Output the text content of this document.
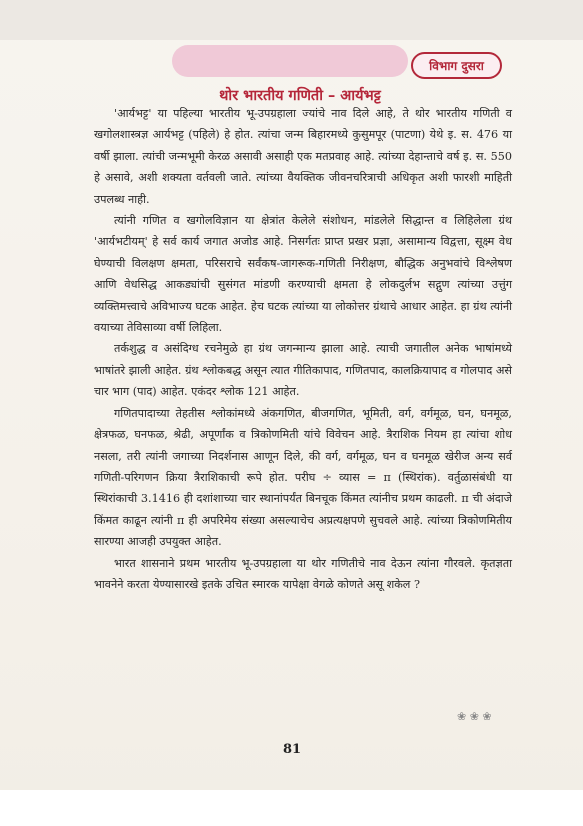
विभाग दुसरा
थोर भारतीय गणिती – आर्यभट्ट

'आर्यभट्ट' या पहिल्या भारतीय भू-उपग्रहाला ज्यांचे नाव दिले आहे, ते थोर भारतीय गणिती व खगोलशास्त्रज्ञ आर्यभट्ट (पहिले) हे होत. त्यांचा जन्म बिहारमध्ये कुसुमपूर (पाटणा) येथे इ. स. 476 या वर्षी झाला. त्यांची जन्मभूमी केरळ असावी असाही एक मतप्रवाह आहे. त्यांच्या देहान्ताचे वर्ष इ. स. 550 हे असावे, अशी शक्यता वर्तवली जाते. त्यांच्या वैयक्तिक जीवनचरित्राची अधिकृत अशी फारशी माहिती उपलब्ध नाही.

त्यांनी गणित व खगोलविज्ञान या क्षेत्रांत केलेले संशोधन, मांडलेले सिद्धान्त व लिहिलेला ग्रंथ 'आर्यभटीयम्' हे सर्व कार्य जगात अजोड आहे. निसर्गतः प्राप्त प्रखर प्रज्ञा, असामान्य विद्वत्ता, सूक्ष्म वेध घेण्याची विलक्षण क्षमता, परिसराचे सर्वंकष-जागरूक-गणिती निरीक्षण, बौद्धिक अनुभवांचे विश्लेषण आणि वेधसिद्ध आकड्यांची सुसंगत मांडणी करण्याची क्षमता हे लोकदुर्लभ सद्गुण त्यांच्या उत्तुंग व्यक्तिमत्त्वाचे अविभाज्य घटक आहेत. हेच घटक त्यांच्या या लोकोत्तर ग्रंथाचे आधार आहेत. हा ग्रंथ त्यांनी वयाच्या तेविसाव्या वर्षी लिहिला.

तर्कशुद्ध व असंदिग्ध रचनेमुळे हा ग्रंथ जगन्मान्य झाला आहे. त्याची जगातील अनेक भाषांमध्ये भाषांतरे झाली आहेत. ग्रंथ श्लोकबद्ध असून त्यात गीतिकापाद, गणितपाद, कालक्रियापाद व गोलपाद असे चार भाग (पाद) आहेत. एकंदर श्लोक 121 आहेत.

गणितपादाच्या तेहतीस श्लोकांमध्ये अंकगणित, बीजगणित, भूमिती, वर्ग, वर्गमूळ, घन, घनमूळ, क्षेत्रफळ, घनफळ, श्रेढी, अपूर्णांक व त्रिकोणमिती यांचे विवेचन आहे. त्रैराशिक नियम हा त्यांचा शोध नसला, तरी त्यांनी जगाच्या निदर्शनास आणून दिले, की वर्ग, वर्गमूळ, घन व घनमूळ खेरीज अन्य सर्व गणिती-परिगणन क्रिया त्रैराशिकाची रूपे होत. परीघ ÷ व्यास = π (स्थिरांक). वर्तुळासंबंधी या स्थिरांकाची 3.1416 ही दशांशाच्या चार स्थानांपर्यंत बिनचूक किंमत त्यांनीच प्रथम काढली. π ची अंदाजे किंमत काढून त्यांनी π ही अपरिमेय संख्या असल्याचेच अप्रत्यक्षपणे सुचवले आहे. त्यांच्या त्रिकोणमितीय सारण्या आजही उपयुक्त आहेत.

भारत शासनाने प्रथम भारतीय भू-उपग्रहाला या थोर गणितीचे नाव देऊन त्यांना गौरवले. कृतज्ञता भावनेने करता येण्यासारखे इतके उचित स्मारक यापेक्षा वेगळे कोणते असू शकेल ?

❀ ❀ ❀
81
